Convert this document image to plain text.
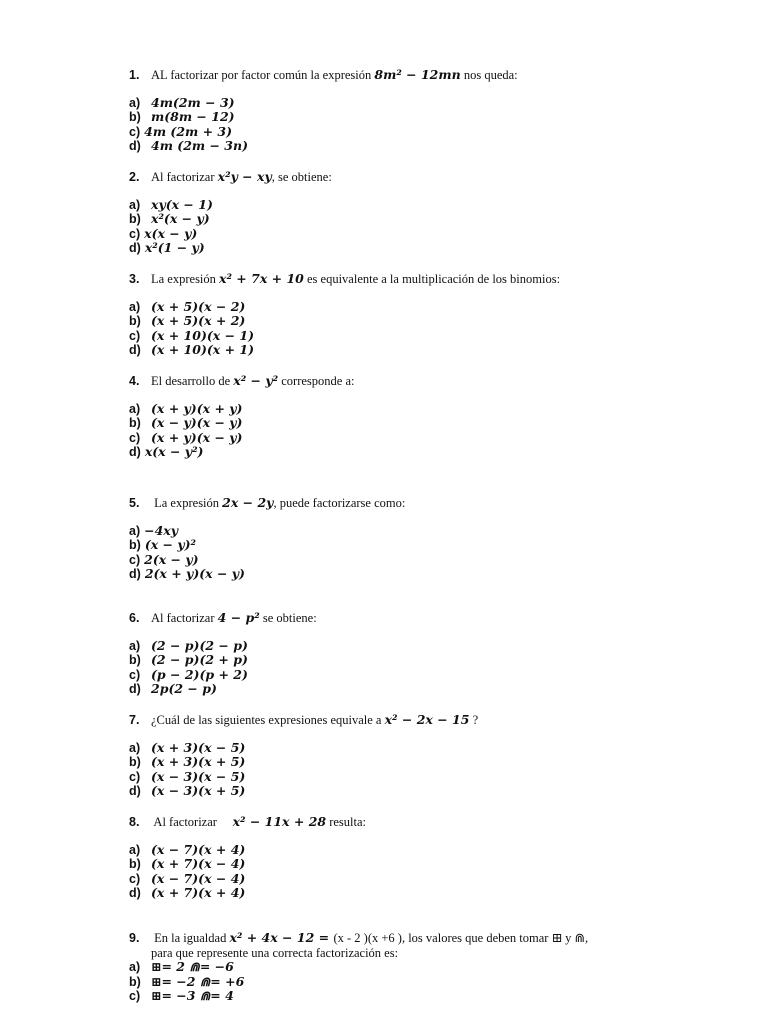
1. AL factorizar por factor común la expresión 8m² − 12mn nos queda:
a) 4m(2m − 3)
b) m(8m − 12)
c) 4m (2m + 3)
d) 4m (2m − 3n)
2. Al factorizar x²y − xy, se obtiene:
a) xy(x − 1)
b) x²(x − y)
c) x(x − y)
d) x²(1 − y)
3. La expresión x² + 7x + 10 es equivalente a la multiplicación de los binomios:
a) (x + 5)(x − 2)
b) (x + 5)(x + 2)
c) (x + 10)(x − 1)
d) (x + 10)(x + 1)
4. El desarrollo de x² − y² corresponde a:
a) (x + y)(x + y)
b) (x − y)(x − y)
c) (x + y)(x − y)
d) x(x − y²)
5. La expresión 2x − 2y, puede factorizarse como:
a) −4xy
b) (x − y)²
c) 2(x − y)
d) 2(x + y)(x − y)
6. Al factorizar 4 − p² se obtiene:
a) (2 − p)(2 − p)
b) (2 − p)(2 + p)
c) (p − 2)(p + 2)
d) 2p(2 − p)
7. ¿Cuál de las siguientes expresiones equivale a x² − 2x − 15 ?
a) (x + 3)(x − 5)
b) (x + 3)(x + 5)
c) (x − 3)(x − 5)
d) (x − 3)(x + 5)
8. Al factorizar     x² − 11x + 28 resulta:
a) (x − 7)(x + 4)
b) (x + 7)(x − 4)
c) (x − 7)(x − 4)
d) (x + 7)(x + 4)
9. En la igualdad x² + 4x − 12 = (x - 2 )(x +6 ), los valores que deben tomar ⊞ y ⋒,
para que represente una correcta factorización es:
a) ⊞= 2 ⋒= −6
b) ⊞= −2 ⋒= +6
c) ⊞= −3 ⋒= 4
